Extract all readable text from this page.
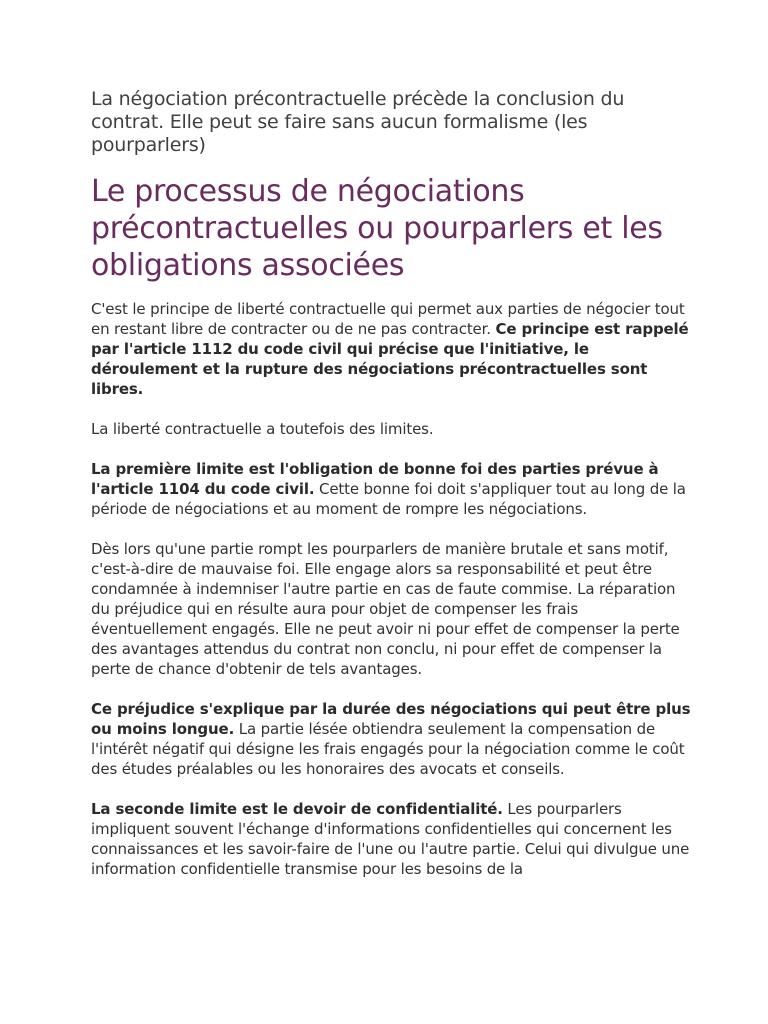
La négociation précontractuelle précède la conclusion du contrat. Elle peut se faire sans aucun formalisme (les pourparlers)

Le processus de négociations précontractuelles ou pourparlers et les obligations associées

C'est le principe de liberté contractuelle qui permet aux parties de négocier tout en restant libre de contracter ou de ne pas contracter. Ce principe est rappelé par l'article 1112 du code civil qui précise que l'initiative, le déroulement et la rupture des négociations précontractuelles sont libres.

La liberté contractuelle a toutefois des limites.

La première limite est l'obligation de bonne foi des parties prévue à l'article 1104 du code civil. Cette bonne foi doit s'appliquer tout au long de la période de négociations et au moment de rompre les négociations.

Dès lors qu'une partie rompt les pourparlers de manière brutale et sans motif, c'est-à-dire de mauvaise foi. Elle engage alors sa responsabilité et peut être condamnée à indemniser l'autre partie en cas de faute commise. La réparation du préjudice qui en résulte aura pour objet de compenser les frais éventuellement engagés. Elle ne peut avoir ni pour effet de compenser la perte des avantages attendus du contrat non conclu, ni pour effet de compenser la perte de chance d'obtenir de tels avantages.

Ce préjudice s'explique par la durée des négociations qui peut être plus ou moins longue. La partie lésée obtiendra seulement la compensation de l'intérêt négatif qui désigne les frais engagés pour la négociation comme le coût des études préalables ou les honoraires des avocats et conseils.

La seconde limite est le devoir de confidentialité. Les pourparlers impliquent souvent l'échange d'informations confidentielles qui concernent les connaissances et les savoir-faire de l'une ou l'autre partie. Celui qui divulgue une information confidentielle transmise pour les besoins de la
